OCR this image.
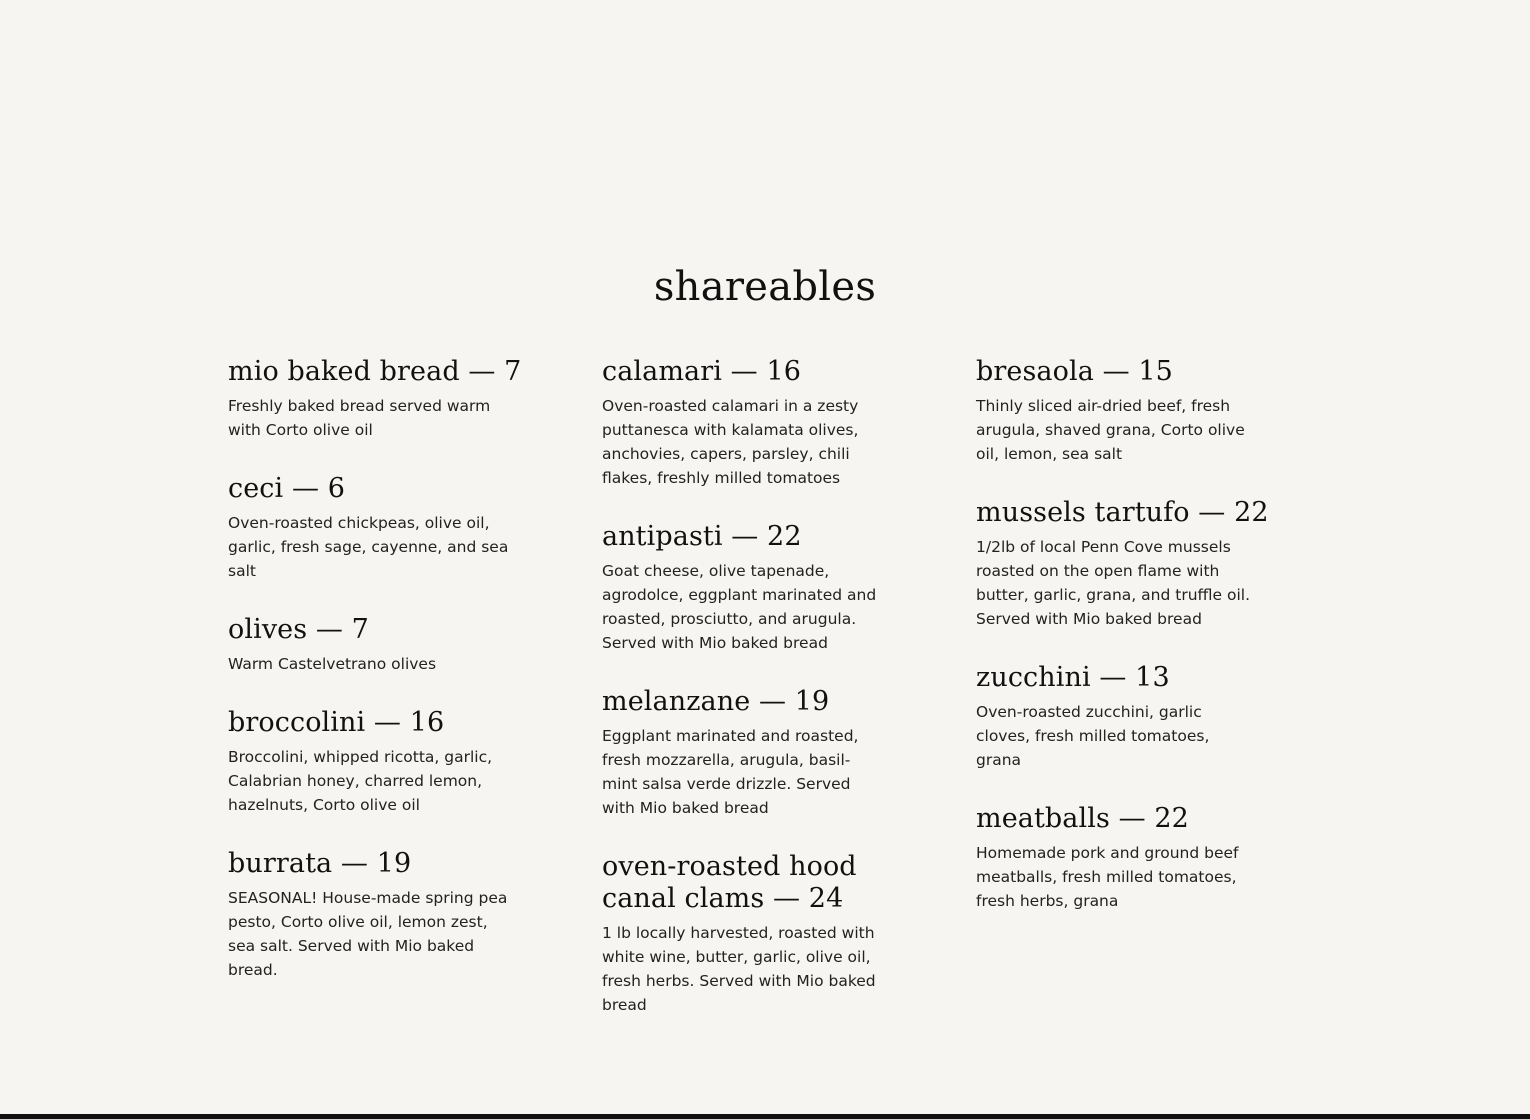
shareables
mio baked bread — 7

Freshly baked bread served warm with Corto olive oil

ceci — 6

Oven-roasted chickpeas, olive oil, garlic, fresh sage, cayenne, and sea salt

olives — 7

Warm Castelvetrano olives

broccolini — 16

Broccolini, whipped ricotta, garlic, Calabrian honey, charred lemon, hazelnuts, Corto olive oil

burrata — 19

SEASONAL! House-made spring pea pesto, Corto olive oil, lemon zest, sea salt. Served with Mio baked bread.

calamari — 16

Oven-roasted calamari in a zesty puttanesca with kalamata olives, anchovies, capers, parsley, chili flakes, freshly milled tomatoes

antipasti — 22

Goat cheese, olive tapenade, agrodolce, eggplant marinated and roasted, prosciutto, and arugula. Served with Mio baked bread

melanzane — 19

Eggplant marinated and roasted, fresh mozzarella, arugula, basil-mint salsa verde drizzle. Served with Mio baked bread

oven-roasted hood canal clams — 24

1 lb locally harvested, roasted with white wine, butter, garlic, olive oil, fresh herbs. Served with Mio baked bread

bresaola — 15

Thinly sliced air-dried beef, fresh arugula, shaved grana, Corto olive oil, lemon, sea salt

mussels tartufo — 22

1/2lb of local Penn Cove mussels roasted on the open flame with butter, garlic, grana, and truffle oil. Served with Mio baked bread

zucchini — 13

Oven-roasted zucchini, garlic cloves, fresh milled tomatoes, grana

meatballs — 22

Homemade pork and ground beef meatballs, fresh milled tomatoes, fresh herbs, grana
